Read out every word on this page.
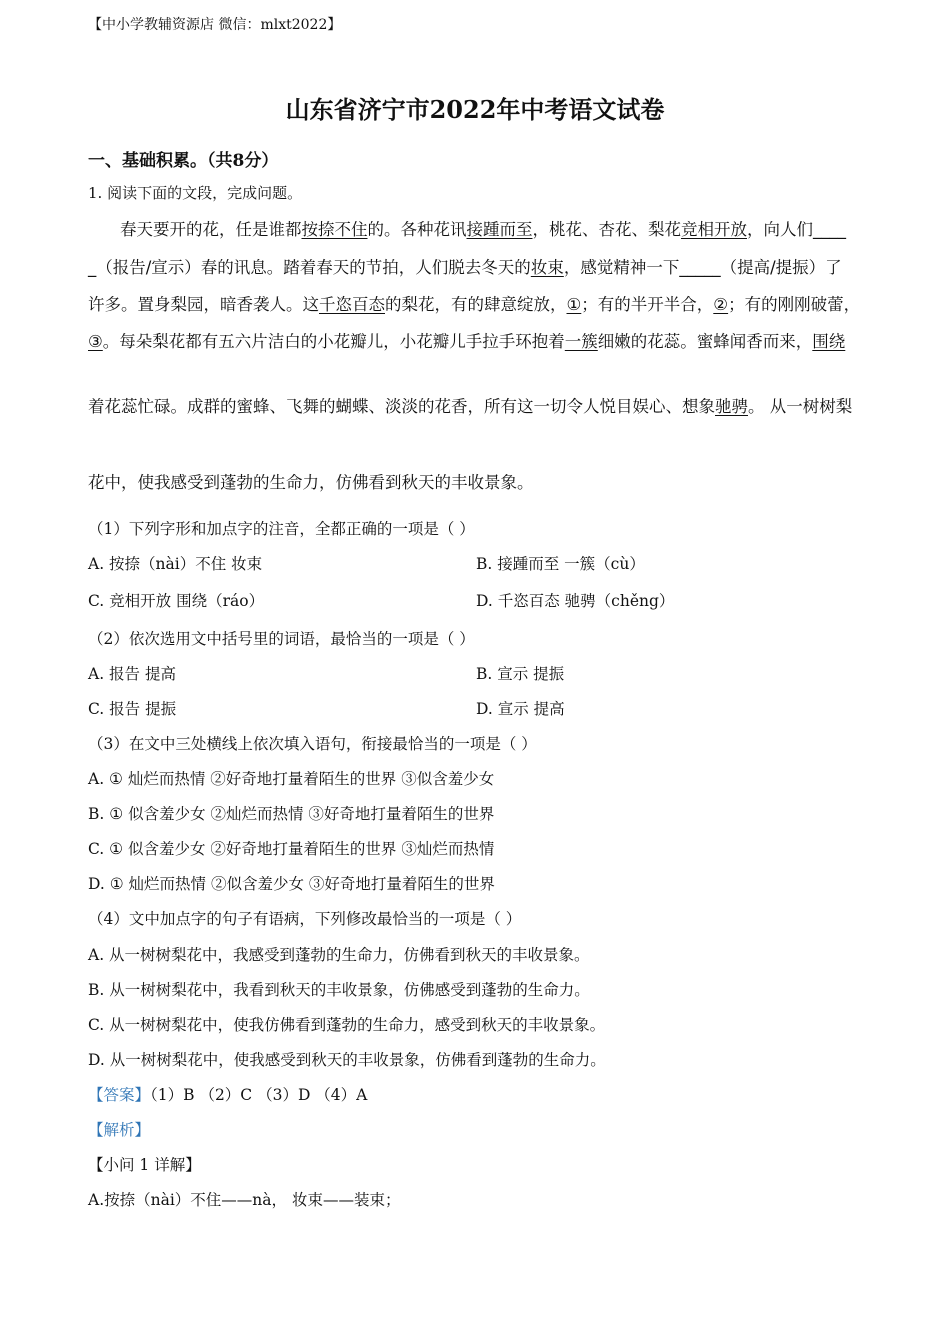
【中小学教辅资源店 微信：mlxt2022】
山东省济宁市2022年中考语文试卷
一、基础积累。（共8分）
1. 阅读下面的文段，完成问题。
春天要开的花，任是谁都按捺不住的。各种花讯接踵而至，桃花、杏花、梨花竞相开放，向人们____
_（报告/宣示）春的讯息。踏着春天的节拍，人们脱去冬天的妆束，感觉精神一下_____（提高/提振）了
许多。置身梨园，暗香袭人。这千恣百态的梨花，有的肆意绽放，①；有的半开半合，②；有的刚刚破蕾，
③。每朵梨花都有五六片洁白的小花瓣儿，小花瓣儿手拉手环抱着一簇细嫩的花蕊。蜜蜂闻香而来，围绕
着花蕊忙碌。成群的蜜蜂、飞舞的蝴蝶、淡淡的花香，所有这一切令人悦目娱心、想象驰骋。 从一树树梨
花中，使我感受到蓬勃的生命力，仿佛看到秋天的丰收景象。
（1）下列字形和加点字的注音，全都正确的一项是（ ）
A. 按捺（nài）不住 妆束	B. 接踵而至 一簇（cù）
C. 竞相开放 围绕（ráo）	D. 千恣百态 驰骋（chěng）
（2）依次选用文中括号里的词语，最恰当的一项是（ ）
A. 报告 提高	B. 宣示 提振
C. 报告 提振	D. 宣示 提高
（3）在文中三处横线上依次填入语句，衔接最恰当的一项是（ ）
A. ① 灿烂而热情 ②好奇地打量着陌生的世界 ③似含羞少女
B. ① 似含羞少女 ②灿烂而热情 ③好奇地打量着陌生的世界
C. ① 似含羞少女 ②好奇地打量着陌生的世界 ③灿烂而热情
D. ① 灿烂而热情 ②似含羞少女 ③好奇地打量着陌生的世界
（4）文中加点字的句子有语病，下列修改最恰当的一项是（ ）
A. 从一树树梨花中，我感受到蓬勃的生命力，仿佛看到秋天的丰收景象。
B. 从一树树梨花中，我看到秋天的丰收景象，仿佛感受到蓬勃的生命力。
C. 从一树树梨花中，使我仿佛看到蓬勃的生命力，感受到秋天的丰收景象。
D. 从一树树梨花中，使我感受到秋天的丰收景象，仿佛看到蓬勃的生命力。
【答案】（1）B （2）C （3）D （4）A
【解析】
【小问 1 详解】
A.按捺（nài）不住——nà， 妆束——装束；
